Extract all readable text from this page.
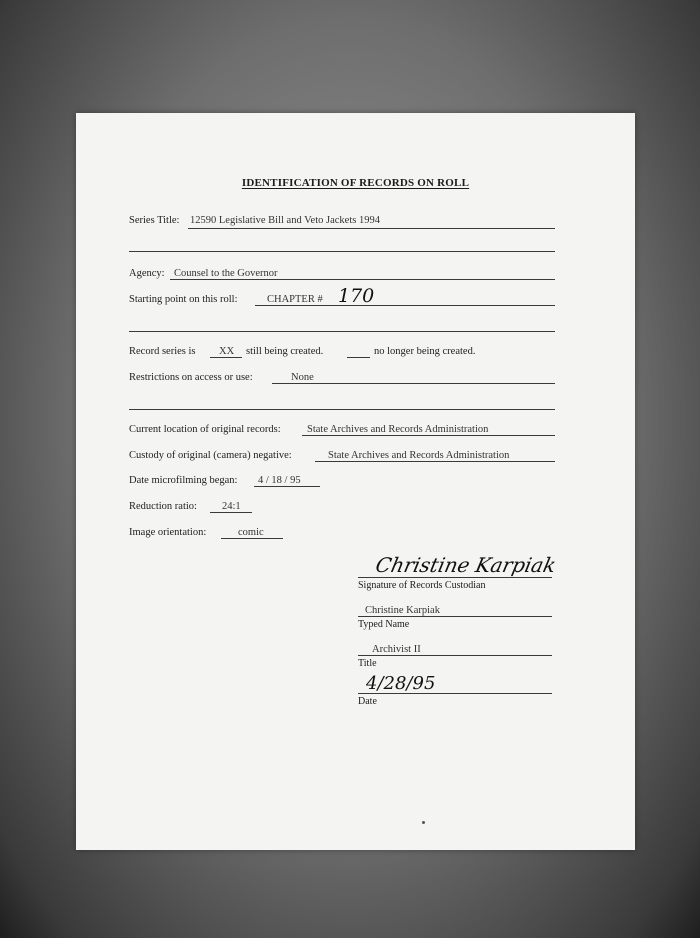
IDENTIFICATION OF RECORDS ON ROLL
Series Title: 12590 Legislative Bill and Veto Jackets 1994
Agency: Counsel to the Governor
Starting point on this roll:	CHAPTER # 170
Record series is XX still being created.	no longer being created.
Restrictions on access or use:	None
Current location of original records:	State Archives and Records Administration
Custody of original (camera) negative:	State Archives and Records Administration
Date microfilming began: 4 / 18 / 95
Reduction ratio: 24:1
Image orientation:	comic
Christine Karpiak
Signature of Records Custodian
Christine Karpiak
Typed Name
Archivist II
Title
4/28/95
Date
